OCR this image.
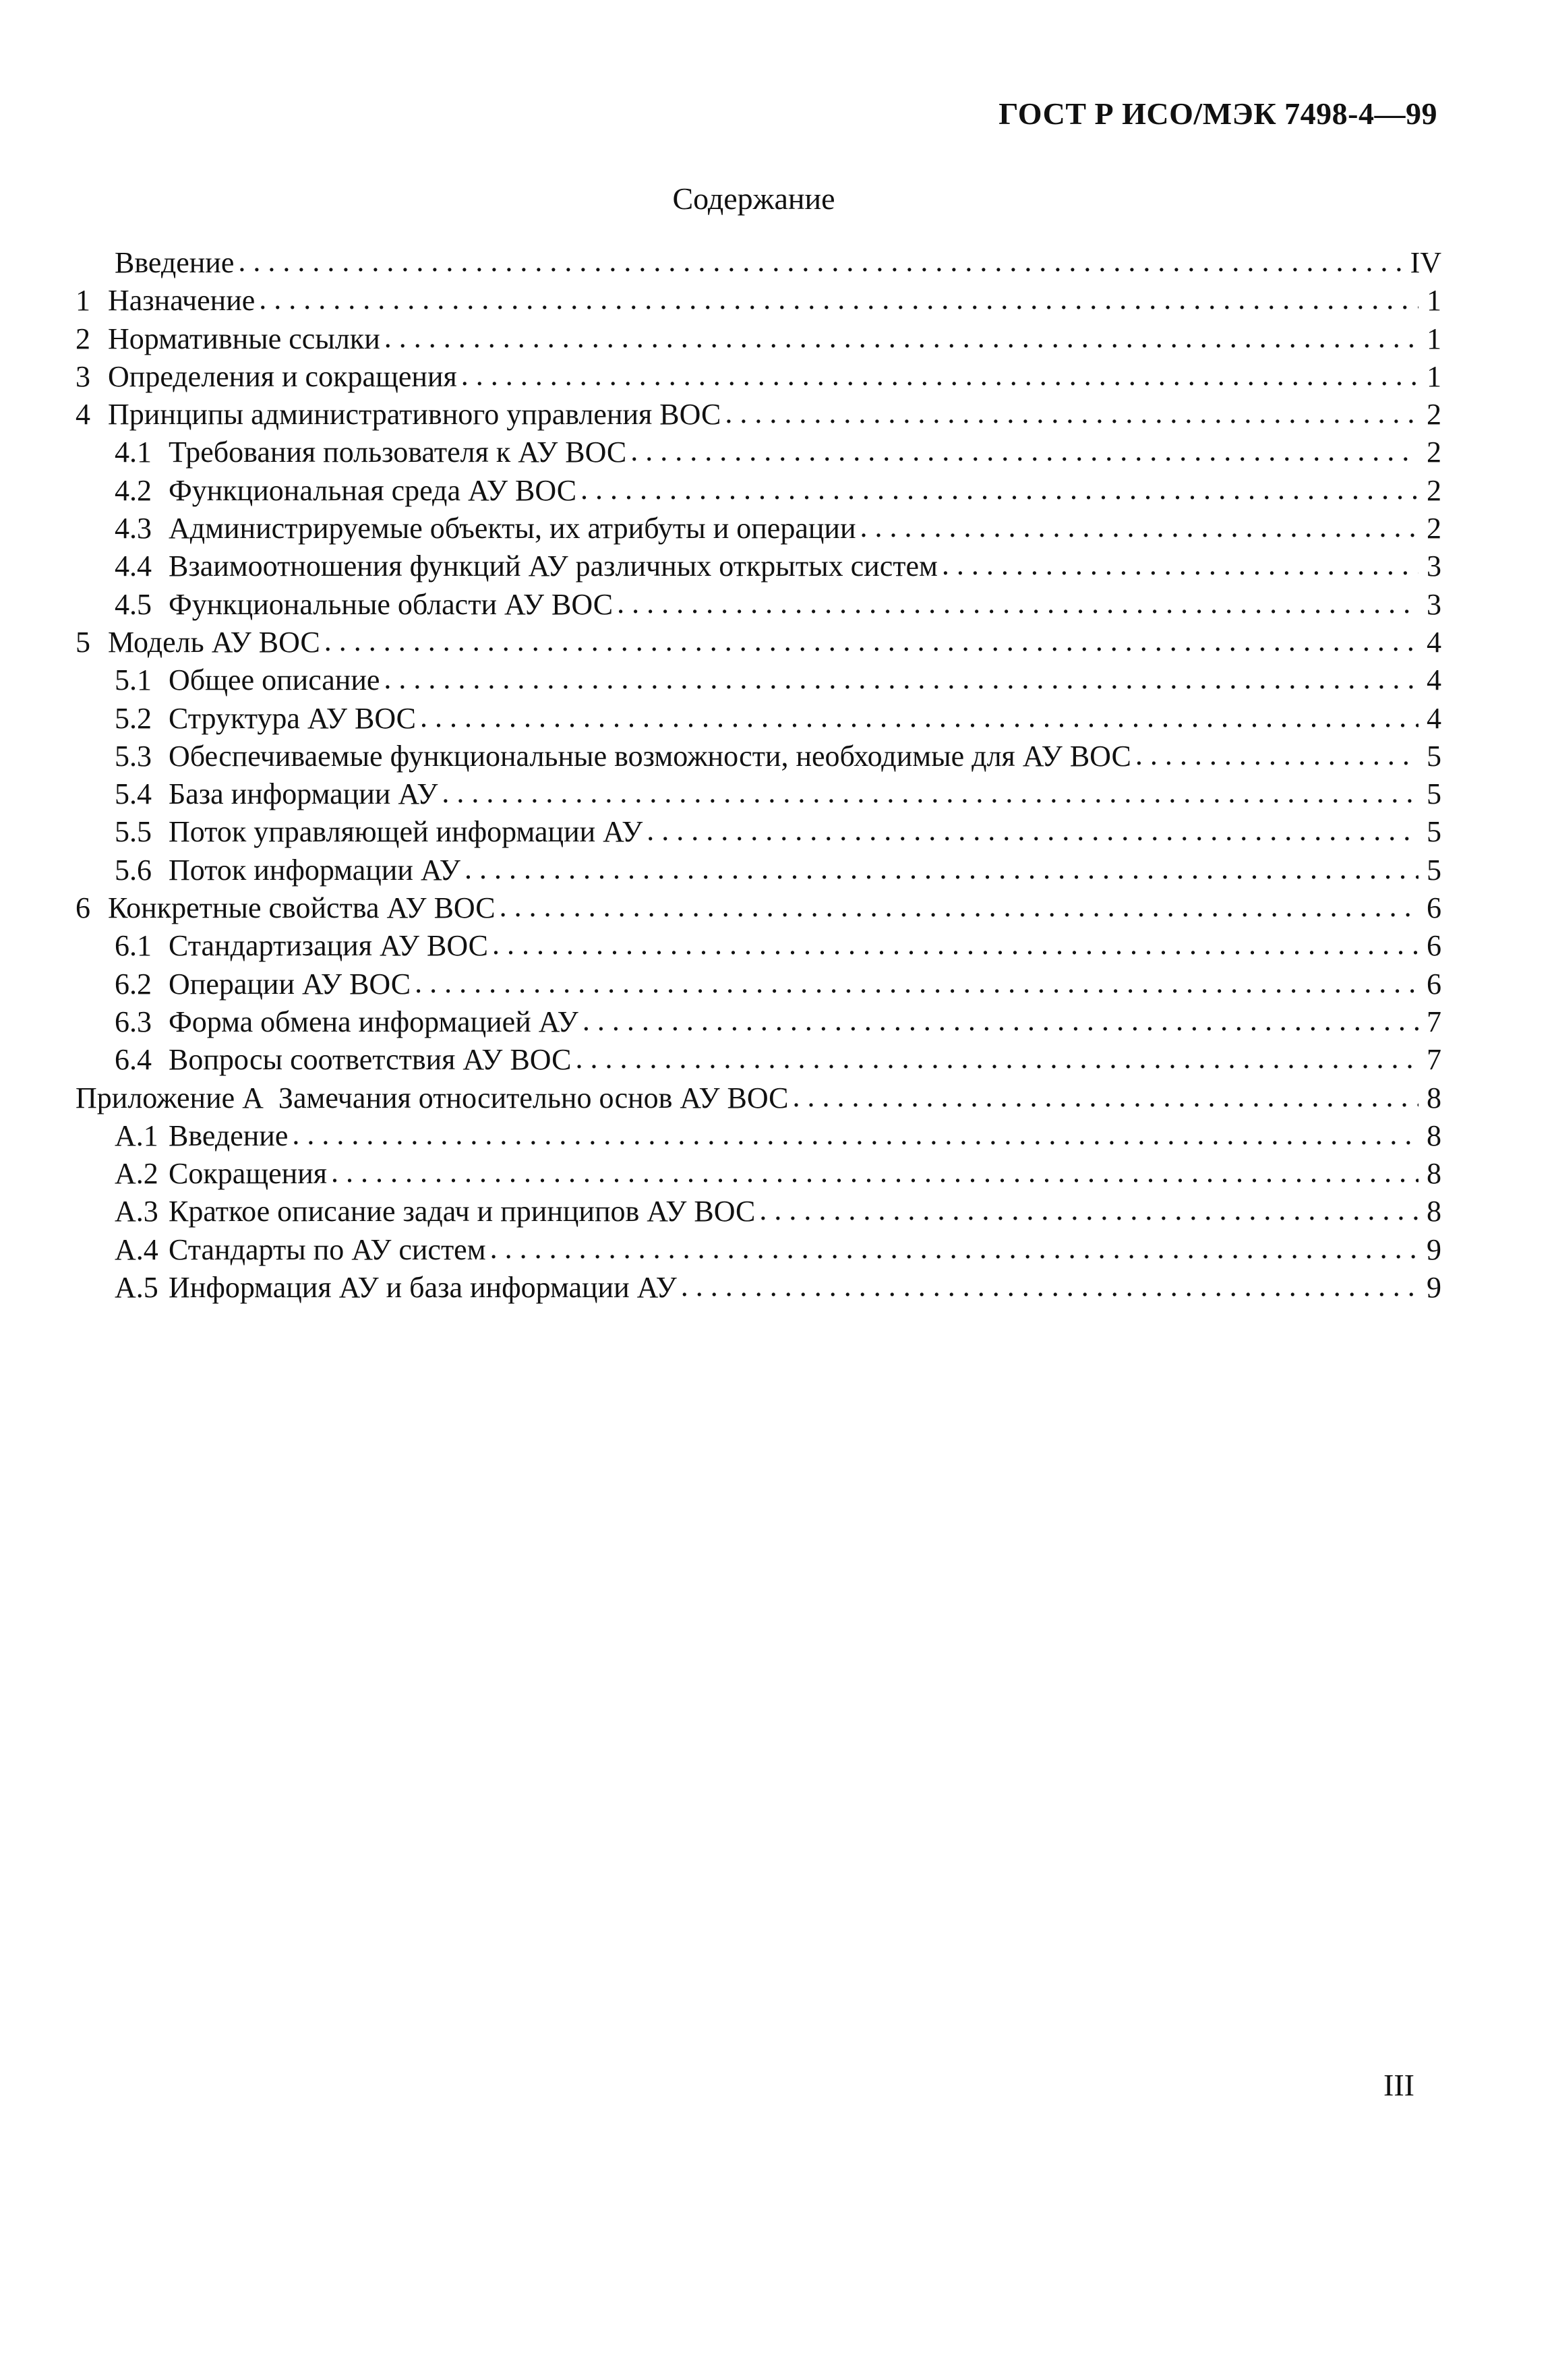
ГОСТ Р ИСО/МЭК 7498-4—99
Содержание
Введение . . .	IV
1 Назначение . . .	1
2 Нормативные ссылки . . .	1
3 Определения и сокращения . . .	1
4 Принципы административного управления ВОС . . .	2
4.1 Требования пользователя к АУ ВОС . . .	2
4.2 Функциональная среда АУ ВОС . . .	2
4.3 Администрируемые объекты, их атрибуты и операции . . .	2
4.4 Взаимоотношения функций АУ различных открытых систем . . .	3
4.5 Функциональные области АУ ВОС . . .	3
5 Модель АУ ВОС . . .	4
5.1 Общее описание . . .	4
5.2 Структура АУ ВОС . . .	4
5.3 Обеспечиваемые функциональные возможности, необходимые для АУ ВОС . . .	5
5.4 База информации АУ . . .	5
5.5 Поток управляющей информации АУ . . .	5
5.6 Поток информации АУ . . .	5
6 Конкретные свойства АУ ВОС . . .	6
6.1 Стандартизация АУ ВОС . . .	6
6.2 Операции АУ ВОС . . .	6
6.3 Форма обмена информацией АУ . . .	7
6.4 Вопросы соответствия АУ ВОС . . .	7
Приложение А  Замечания относительно основ АУ ВОС . . .	8
А.1 Введение . . .	8
А.2 Сокращения . . .	8
А.3 Краткое описание задач и принципов АУ ВОС . . .	8
А.4 Стандарты по АУ систем . . .	9
А.5 Информация АУ и база информации АУ . . .	9
III
